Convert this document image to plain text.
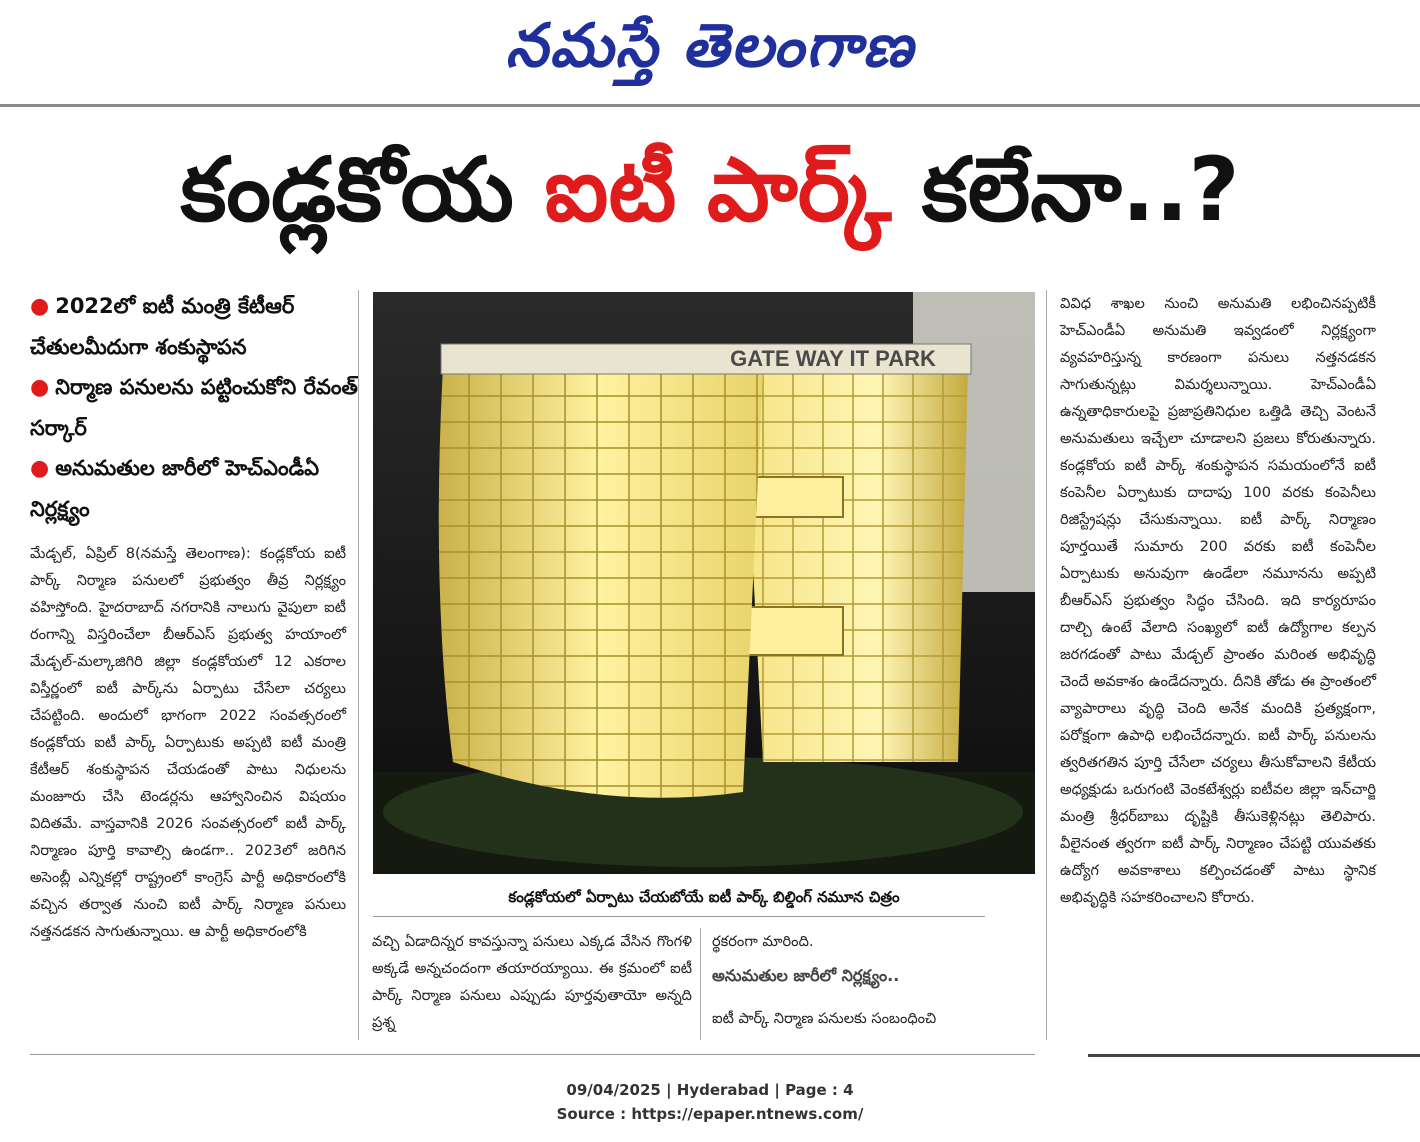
నమస్తే తెలంగాణ
కండ్లకోయ ఐటీ పార్క్ కలేనా..?
● 2022లో ఐటీ మంత్రి కేటీఆర్ చేతులమీదుగా శంకుస్థాపన
● నిర్మాణ పనులను పట్టించుకోని రేవంత్ సర్కార్
● అనుమతుల జారీలో హెచ్ఎండీఏ నిర్లక్ష్యం

మేడ్చల్, ఏప్రిల్ 8(నమస్తే తెలంగాణ): కండ్లకోయ ఐటీ పార్క్ నిర్మాణ పనులలో ప్రభుత్వం తీవ్ర నిర్లక్ష్యం వహిస్తోంది. హైదరాబాద్ నగరానికి నాలుగు వైపులా ఐటీ రంగాన్ని విస్తరించేలా బీఆర్ఎస్ ప్రభుత్వ హయాంలో మేడ్చల్-మల్కాజిగిరి జిల్లా కండ్లకోయలో 12 ఎకరాల విస్తీర్ణంలో ఐటీ పార్క్‌ను ఏర్పాటు చేసేలా చర్యలు చేపట్టింది. అందులో భాగంగా 2022 సంవత్సరంలో కండ్లకోయ ఐటీ పార్క్ ఏర్పాటుకు అప్పటి ఐటీ మంత్రి కేటీఆర్ శంకుస్థాపన చేయడంతో పాటు నిధులను మంజూరు చేసి టెండర్లను ఆహ్వానించిన విషయం విదితమే. వాస్తవానికి 2026 సంవత్సరంలో ఐటీ పార్క్ నిర్మాణం పూర్తి కావాల్సి ఉండగా.. 2023లో జరిగిన అసెంబ్లీ ఎన్నికల్లో రాష్ట్రంలో కాంగ్రెస్ పార్టీ అధికారంలోకి వచ్చిన తర్వాత నుంచి ఐటీ పార్క్ నిర్మాణ పనులు నత్తనడకన సాగుతున్నాయి. ఆ పార్టీ అధికారంలోకి

GATE WAY IT PARK
కండ్లకోయలో ఏర్పాటు చేయబోయే ఐటీ పార్క్ బిల్డింగ్ నమూన చిత్రం

వచ్చి ఏడాదిన్నర కావస్తున్నా పనులు ఎక్కడ వేసిన గొంగళి అక్కడే అన్నచందంగా తయారయ్యాయి. ఈ క్రమంలో ఐటీ పార్క్ నిర్మాణ పనులు ఎప్పుడు పూర్తవుతాయో అన్నది ప్రశ్న

ర్థకరంగా మారింది.

అనుమతుల జారీలో నిర్లక్ష్యం..

ఐటీ పార్క్ నిర్మాణ పనులకు సంబంధించి

వివిధ శాఖల నుంచి అనుమతి లభించినప్పటికీ హెచ్ఎండీఏ అనుమతి ఇవ్వడంలో నిర్లక్ష్యంగా వ్యవహరిస్తున్న కారణంగా పనులు నత్తనడకన సాగుతున్నట్లు విమర్శలున్నాయి. హెచ్ఎండీఏ ఉన్నతాధికారులపై ప్రజాప్రతినిధుల ఒత్తిడి తెచ్చి వెంటనే అనుమతులు ఇచ్చేలా చూడాలని ప్రజలు కోరుతున్నారు. కండ్లకోయ ఐటీ పార్క్ శంకుస్థాపన సమయంలోనే ఐటీ కంపెనీల ఏర్పాటుకు దాదాపు 100 వరకు కంపెనీలు రిజిస్ట్రేషన్లు చేసుకున్నాయి. ఐటీ పార్క్ నిర్మాణం పూర్తయితే సుమారు 200 వరకు ఐటీ కంపెనీల ఏర్పాటుకు అనువుగా ఉండేలా నమూనను అప్పటి బీఆర్ఎస్ ప్రభుత్వం సిద్ధం చేసింది. ఇది కార్యరూపం దాల్చి ఉంటే వేలాది సంఖ్యలో ఐటీ ఉద్యోగాల కల్పన జరగడంతో పాటు మేడ్చల్ ప్రాంతం మరింత అభివృద్ధి చెందే అవకాశం ఉండేదన్నారు. దీనికి తోడు ఈ ప్రాంతంలో వ్యాపారాలు వృద్ధి చెంది అనేక మందికి ప్రత్యక్షంగా, పరోక్షంగా ఉపాధి లభించేదన్నారు. ఐటీ పార్క్ పనులను త్వరితగతిన పూర్తి చేసేలా చర్యలు తీసుకోవాలని కేటీయ అధ్యక్షుడు ఒరుగంటి వెంకటేశ్వర్లు ఐటీవల జిల్లా ఇన్‌చార్జి మంత్రి శ్రీధర్‌బాబు దృష్టికి తీసుకెళ్లినట్లు తెలిపారు. వీలైనంత త్వరగా ఐటీ పార్క్ నిర్మాణం చేపట్టి యువతకు ఉద్యోగ అవకాశాలు కల్పించడంతో పాటు స్థానిక అభివృద్ధికి సహకరించాలని కోరారు.

09/04/2025 | Hyderabad | Page : 4
Source : https://epaper.ntnews.com/
